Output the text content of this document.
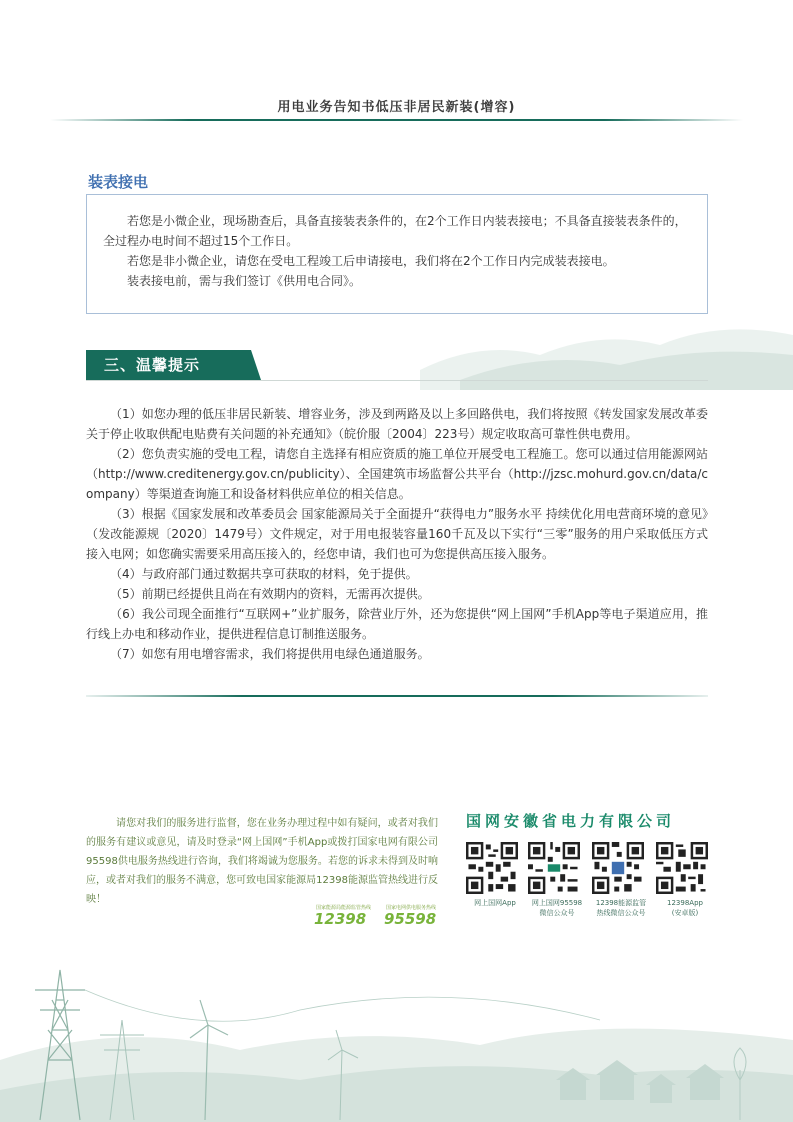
用电业务告知书低压非居民新装(增容)
装表接电

若您是小微企业，现场勘查后，具备直接装表条件的，在2个工作日内装表接电；不具备直接装表条件的，全过程办电时间不超过15个工作日。

若您是非小微企业，请您在受电工程竣工后申请接电，我们将在2个工作日内完成装表接电。

装表接电前，需与我们签订《供用电合同》。

三、温馨提示

（1）如您办理的低压非居民新装、增容业务，涉及到两路及以上多回路供电，我们将按照《转发国家发展改革委关于停止收取供配电贴费有关问题的补充通知》（皖价服〔2004〕223号）规定收取高可靠性供电费用。

（2）您负责实施的受电工程，请您自主选择有相应资质的施工单位开展受电工程施工。您可以通过信用能源网站（http://www.creditenergy.gov.cn/publicity）、全国建筑市场监督公共平台（http://jzsc.mohurd.gov.cn/data/company）等渠道查询施工和设备材料供应单位的相关信息。

（3）根据《国家发展和改革委员会 国家能源局关于全面提升“获得电力”服务水平 持续优化用电营商环境的意见》（发改能源规〔2020〕1479号）文件规定，对于用电报装容量160千瓦及以下实行“三零”服务的用户采取低压方式接入电网；如您确实需要采用高压接入的，经您申请，我们也可为您提供高压接入服务。

（4）与政府部门通过数据共享可获取的材料，免于提供。

（5）前期已经提供且尚在有效期内的资料，无需再次提供。

（6）我公司现全面推行“互联网+”业扩服务，除营业厅外，还为您提供“网上国网”手机App等电子渠道应用，推行线上办电和移动作业，提供进程信息订制推送服务。

（7）如您有用电增容需求，我们将提供用电绿色通道服务。

请您对我们的服务进行监督，您在业务办理过程中如有疑问，或者对我们的服务有建议或意见，请及时登录“网上国网”手机App或拨打国家电网有限公司95598供电服务热线进行咨询，我们将竭诚为您服务。若您的诉求未得到及时响应，或者对我们的服务不满意，您可致电国家能源局12398能源监管热线进行反映！

国家能源局能源监管热线
12398
国家电网供电服务热线
95598
国网安徽省电力有限公司
网上国网App	网上国网95598
微信公众号
12398能源监管
热线微信公众号
12398App
(安卓版)
